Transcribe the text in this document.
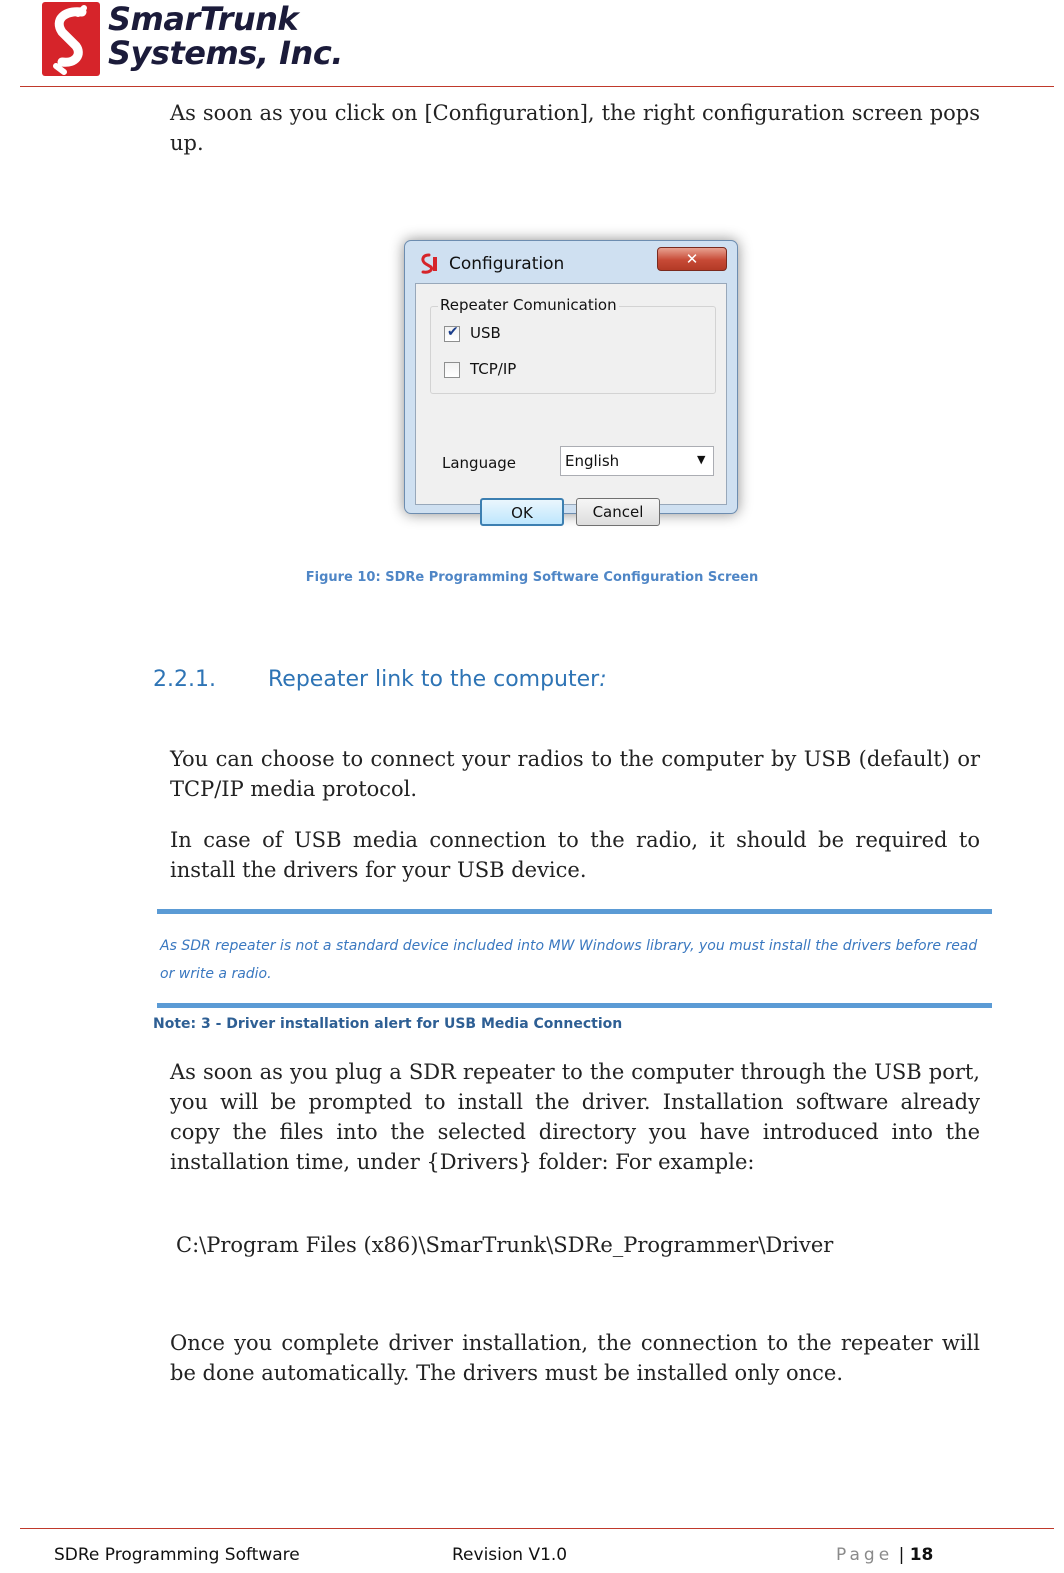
SmarTrunk
Systems, Inc.
As soon as you click on [Configuration], the right configuration screen pops up.
Configuration	✕
Repeater Comunication
✔ USB
TCP/IP
Language	English	▼
OK	Cancel
Figure 10: SDRe Programming Software Configuration Screen
2.2.1. Repeater link to the computer:
You can choose to connect your radios to the computer by USB (default) or TCP/IP media protocol.
In case of USB media connection to the radio, it should be required to install the drivers for your USB device.
As SDR repeater is not a standard device included into MW Windows library, you must install the drivers before read or write a radio.
Note: 3 - Driver installation alert for USB Media Connection
As soon as you plug a SDR repeater to the computer through the USB port, you will be prompted to install the driver. Installation software already copy the files into the selected directory you have introduced into the installation time, under {Drivers} folder: For example:
C:\Program Files (x86)\SmarTrunk\SDRe_Programmer\Driver
Once you complete driver installation, the connection to the repeater will be done automatically. The drivers must be installed only once.
SDRe Programming Software	Revision V1.0	Page | 18
